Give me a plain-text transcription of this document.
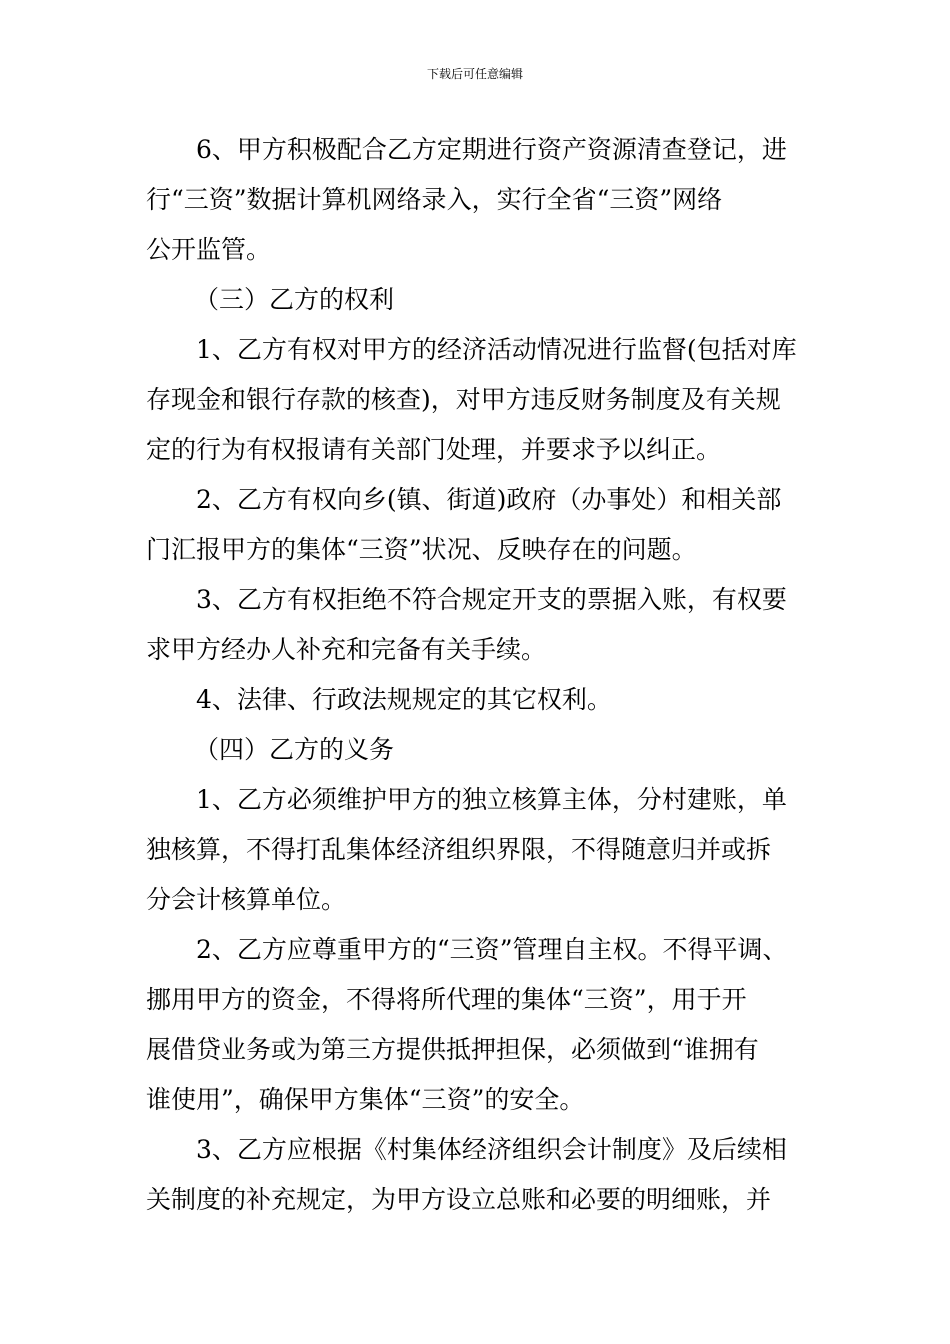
下载后可任意编辑

6、甲方积极配合乙方定期进行资产资源清查登记，进
行“三资”数据计算机网络录入，实行全省“三资”网络
公开监管。

（三）乙方的权利

1、乙方有权对甲方的经济活动情况进行监督(包括对库
存现金和银行存款的核查)，对甲方违反财务制度及有关规
定的行为有权报请有关部门处理，并要求予以纠正。

2、乙方有权向乡(镇、街道)政府（办事处）和相关部
门汇报甲方的集体“三资”状况、反映存在的问题。

3、乙方有权拒绝不符合规定开支的票据入账，有权要
求甲方经办人补充和完备有关手续。

4、法律、行政法规规定的其它权利。

（四）乙方的义务

1、乙方必须维护甲方的独立核算主体，分村建账，单
独核算，不得打乱集体经济组织界限，不得随意归并或拆
分会计核算单位。

2、乙方应尊重甲方的“三资”管理自主权。不得平调、
挪用甲方的资金，不得将所代理的集体“三资”，用于开
展借贷业务或为第三方提供抵押担保，必须做到“谁拥有
谁使用”，确保甲方集体“三资”的安全。

3、乙方应根据《村集体经济组织会计制度》及后续相
关制度的补充规定，为甲方设立总账和必要的明细账，并
